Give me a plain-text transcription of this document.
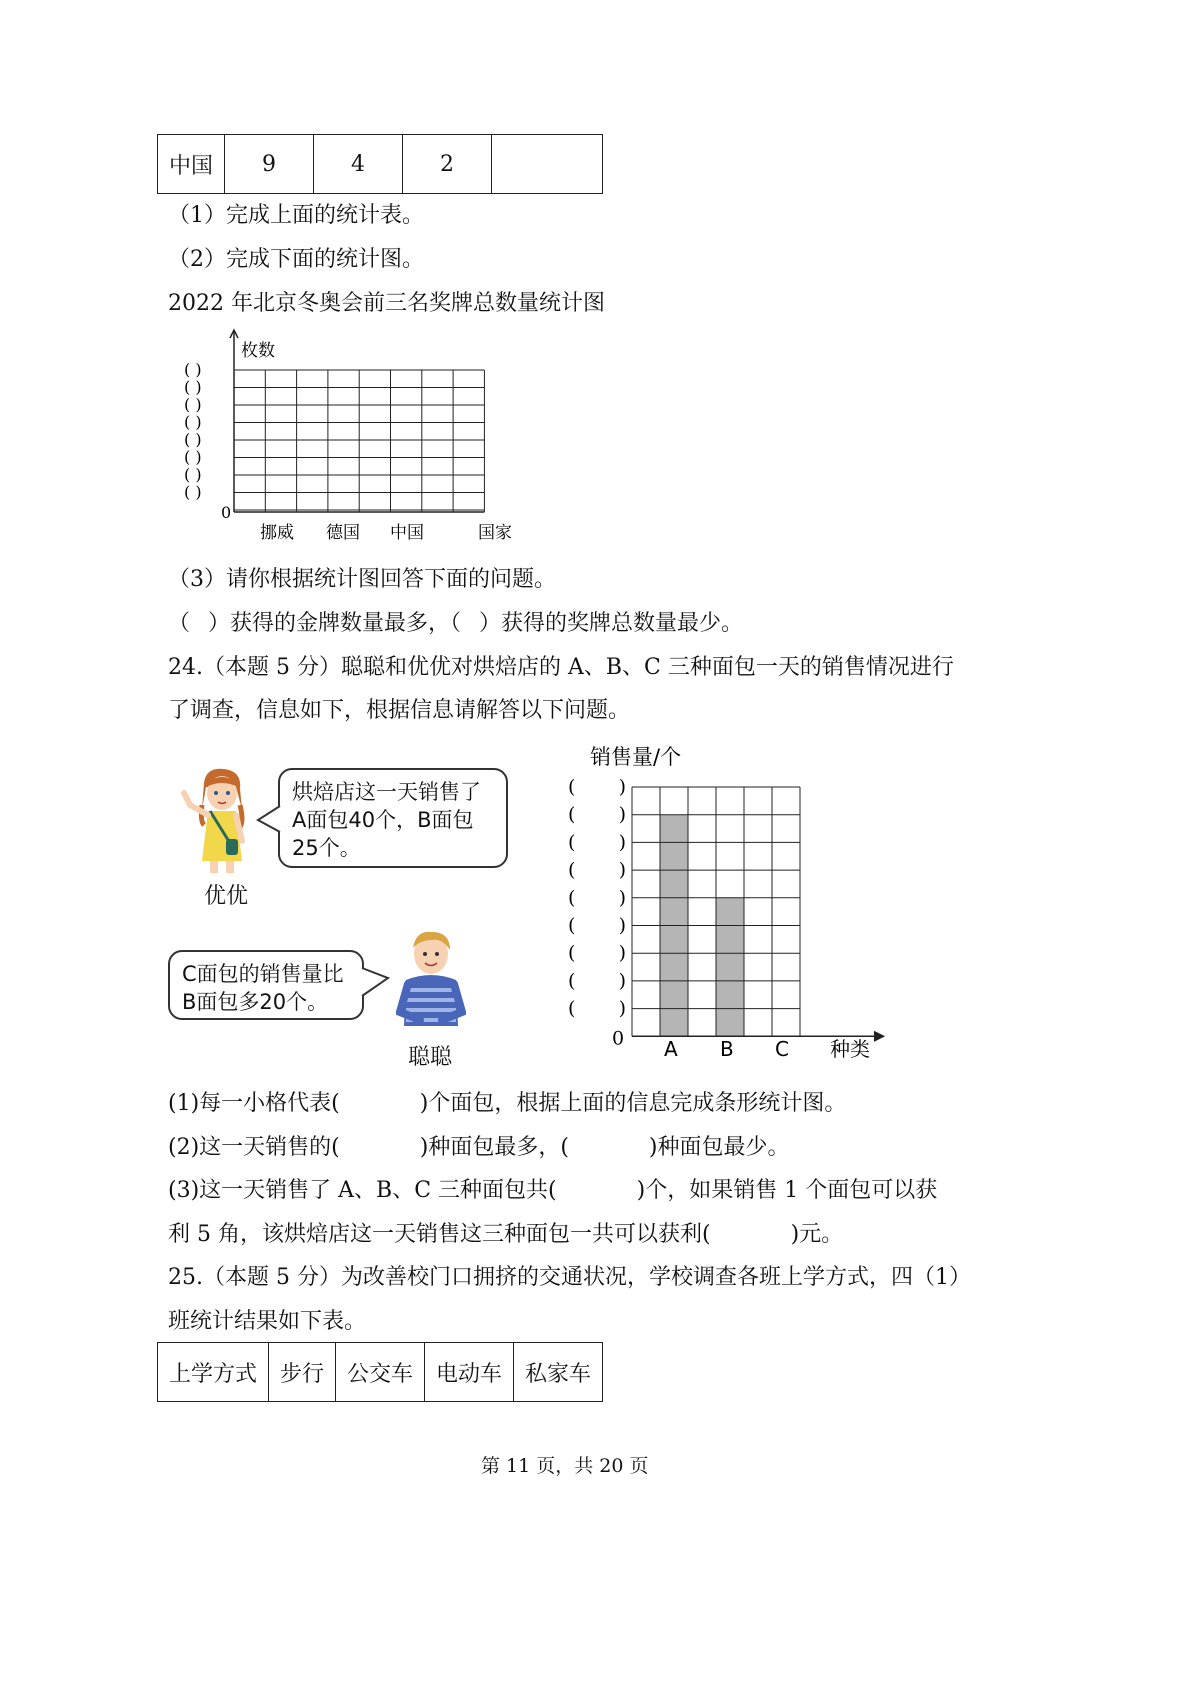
中国	9	4	2	
（1）完成上面的统计表。
（2）完成下面的统计图。
2022 年北京冬奥会前三名奖牌总数量统计图
( )
( )
( )
( )
( )
( )
( )
( )
0
枚数
挪威 德国 中国	国家
（3）请你根据统计图回答下面的问题。
（ ）获得的金牌数量最多，（ ）获得的奖牌总数量最少。
24.（本题 5 分）聪聪和优优对烘焙店的 A、B、C 三种面包一天的销售情况进行
了调查，信息如下，根据信息请解答以下问题。
优优
烘焙店这一天销售了
A面包40个，B面包
25个。
C面包的销售量比
B面包多20个。
聪聪
销售量/个
( )
( )
( )
( )
( )
( )
( )
( )
( )
0 A B C 种类
(1)每一小格代表(	)个面包，根据上面的信息完成条形统计图。
(2)这一天销售的(	)种面包最多，(	)种面包最少。
(3)这一天销售了 A、B、C 三种面包共(	)个，如果销售 1 个面包可以获
利 5 角，该烘焙店这一天销售这三种面包一共可以获利(	)元。
25.（本题 5 分）为改善校门口拥挤的交通状况，学校调查各班上学方式，四（1）
班统计结果如下表。
上学方式	步行	公交车	电动车	私家车
第 11 页，共 20 页
